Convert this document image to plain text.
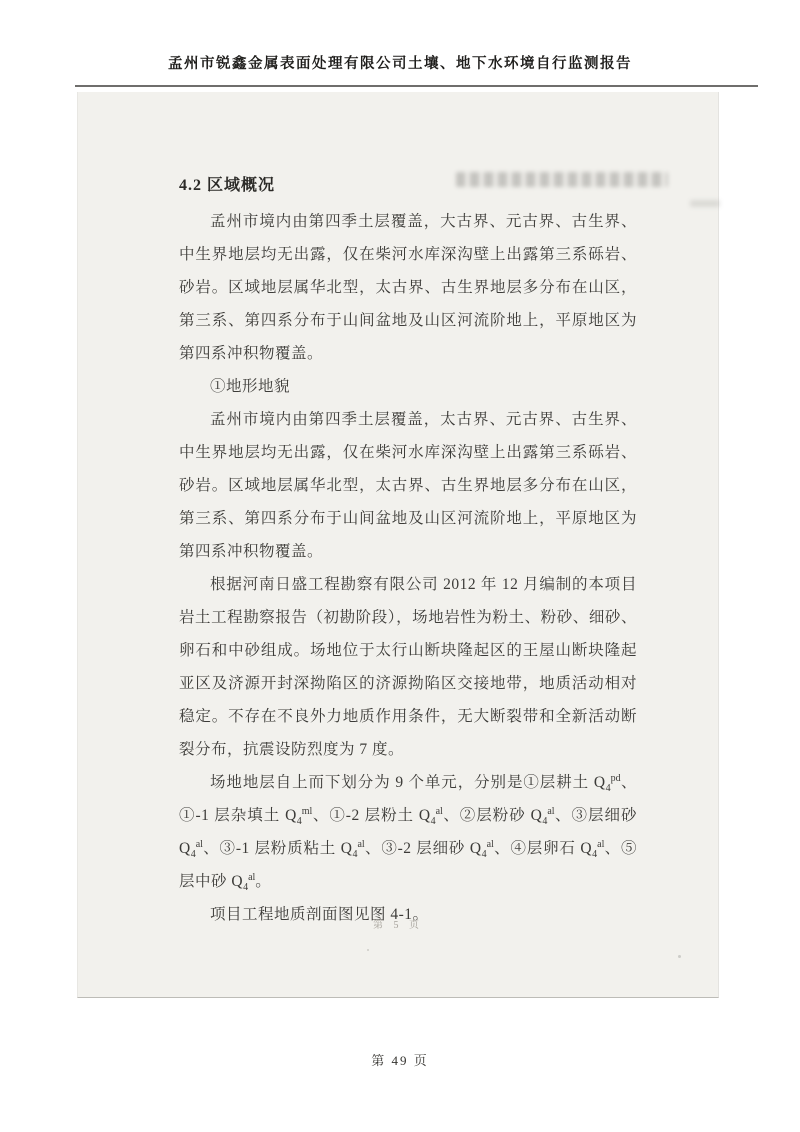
孟州市锐鑫金属表面处理有限公司土壤、地下水环境自行监测报告
4.2 区域概况

孟州市境内由第四季土层覆盖，大古界、元古界、古生界、中生界地层均无出露，仅在柴河水库深沟壁上出露第三系砾岩、砂岩。区域地层属华北型，太古界、古生界地层多分布在山区，第三系、第四系分布于山间盆地及山区河流阶地上，平原地区为第四系冲积物覆盖。

①地形地貌

孟州市境内由第四季土层覆盖，太古界、元古界、古生界、中生界地层均无出露，仅在柴河水库深沟壁上出露第三系砾岩、砂岩。区域地层属华北型，太古界、古生界地层多分布在山区，第三系、第四系分布于山间盆地及山区河流阶地上，平原地区为第四系冲积物覆盖。

根据河南日盛工程勘察有限公司 2012 年 12 月编制的本项目岩土工程勘察报告（初勘阶段），场地岩性为粉土、粉砂、细砂、卵石和中砂组成。场地位于太行山断块隆起区的王屋山断块隆起亚区及济源开封深拗陷区的济源拗陷区交接地带，地质活动相对稳定。不存在不良外力地质作用条件，无大断裂带和全新活动断裂分布，抗震设防烈度为 7 度。

场地地层自上而下划分为 9 个单元，分别是①层耕土 $Q_4^{pd}$、①-1 层杂填土 $Q_4^{ml}$、①-2 层粉土 $Q_4^{al}$、②层粉砂 $Q_4^{al}$、③层细砂 $Q_4^{al}$、③-1 层粉质粘土 $Q_4^{al}$、③-2 层细砂 $Q_4^{al}$、④层卵石 $Q_4^{al}$、⑤层中砂 $Q_4^{al}$。

项目工程地质剖面图见图 4-1。

第 5 页
第 49 页
